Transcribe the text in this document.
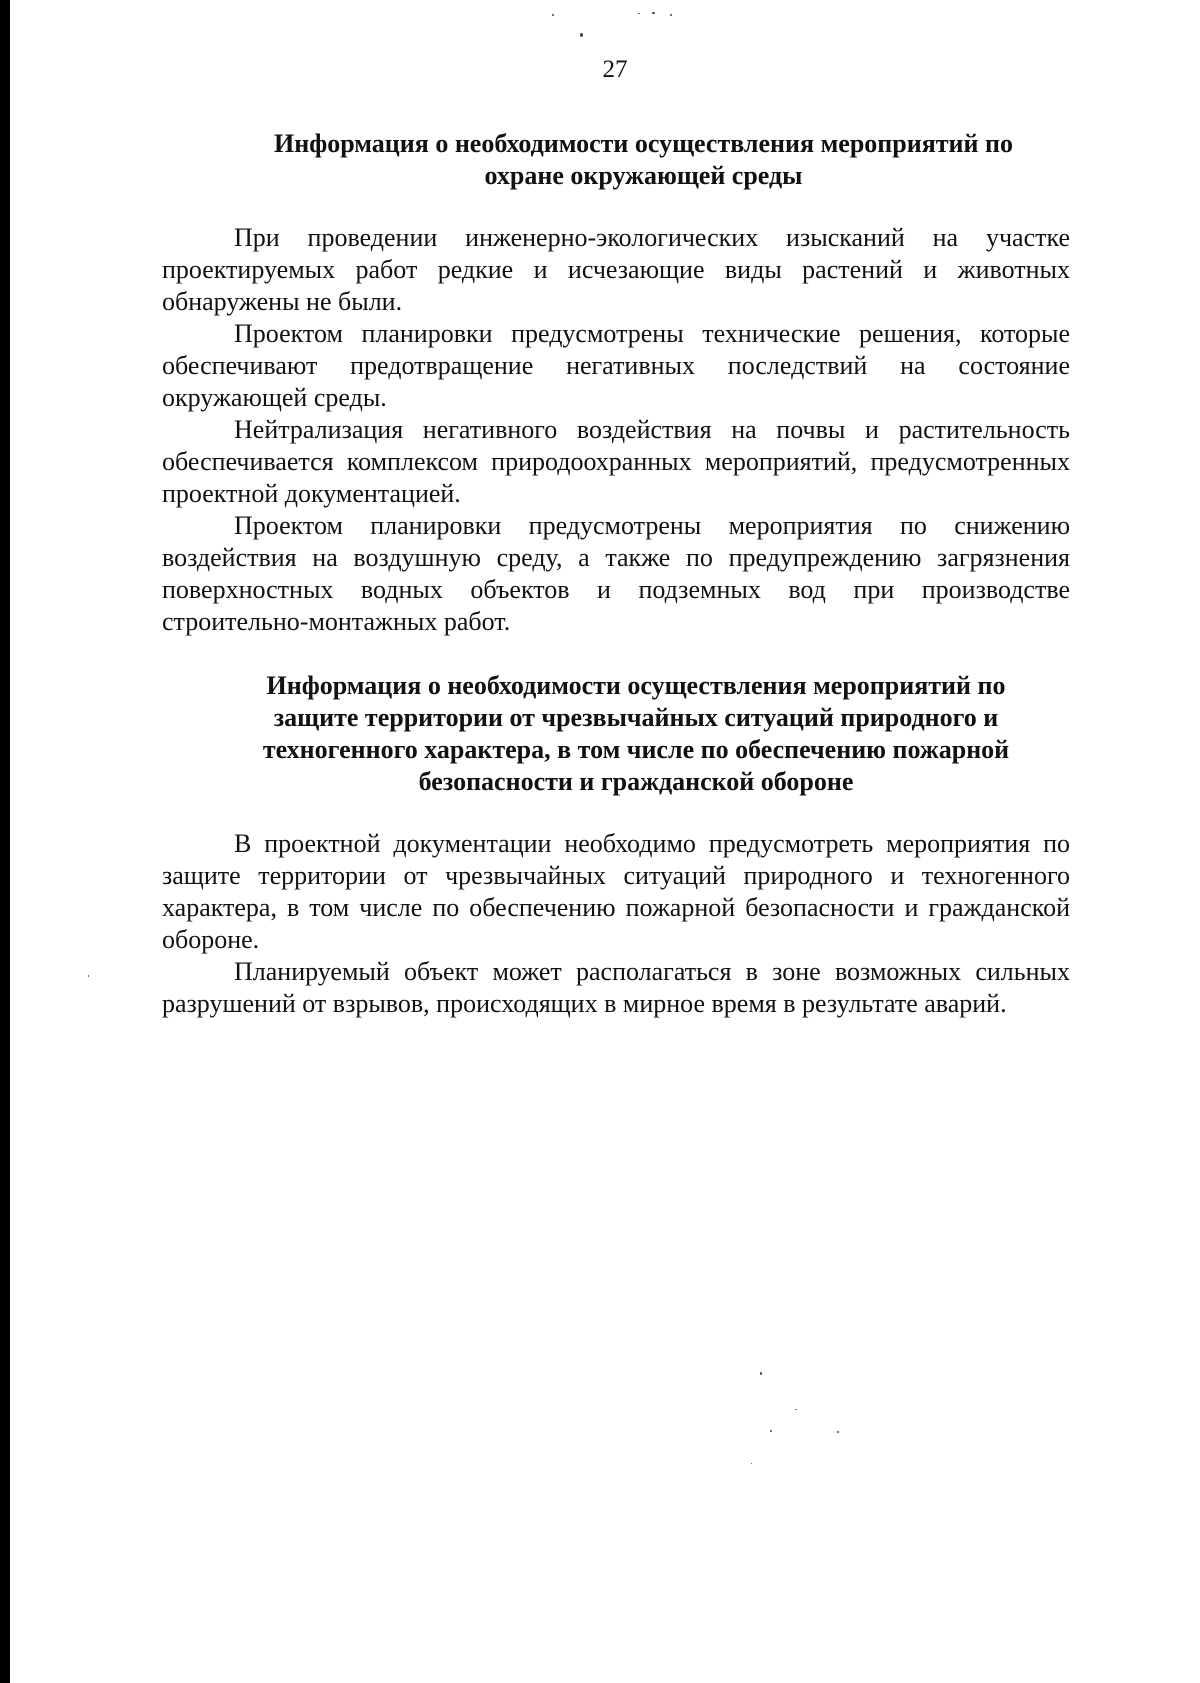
27
Информация о необходимости осуществления мероприятий по
охране окружающей среды

При проведении инженерно-экологических изысканий на участке проектируемых работ редкие и исчезающие виды растений и животных обнаружены не были.

Проектом планировки предусмотрены технические решения, которые обеспечивают предотвращение негативных последствий на состояние окружающей среды.

Нейтрализация негативного воздействия на почвы и растительность обеспечивается комплексом природоохранных мероприятий, предусмотренных проектной документацией.

Проектом планировки предусмотрены мероприятия по снижению воздействия на воздушную среду, а также по предупреждению загрязнения поверхностных водных объектов и подземных вод при производстве строительно-монтажных работ.

Информация о необходимости осуществления мероприятий по
защите территории от чрезвычайных ситуаций природного и
техногенного характера, в том числе по обеспечению пожарной
безопасности и гражданской обороне

В проектной документации необходимо предусмотреть мероприятия по защите территории от чрезвычайных ситуаций природного и техногенного характера, в том числе по обеспечению пожарной безопасности и гражданской обороне.

Планируемый объект может располагаться в зоне возможных сильных разрушений от взрывов, происходящих в мирное время в результате аварий.
